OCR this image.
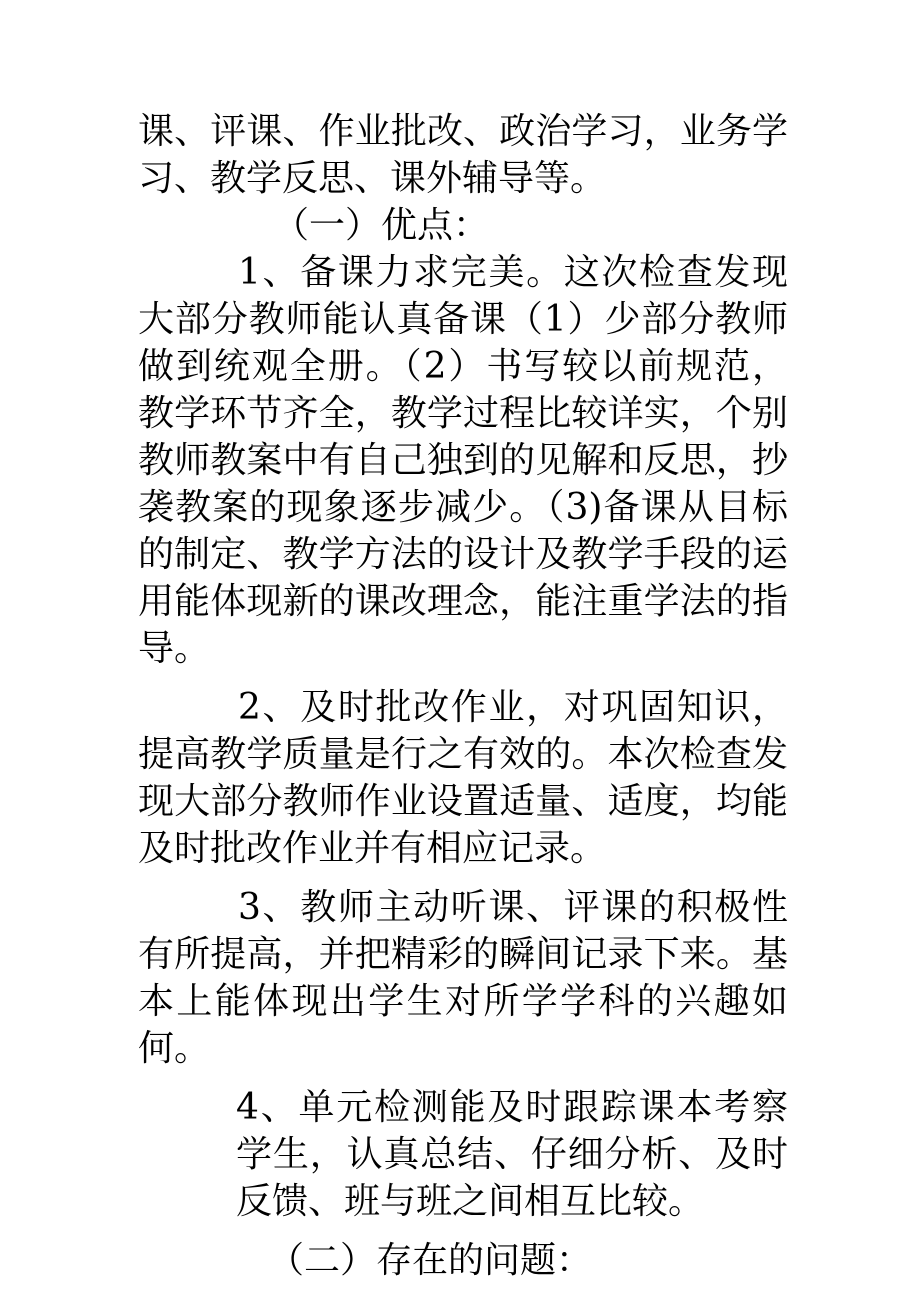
课、评课、作业批改、政治学习，业务学习、教学反思、课外辅导等。

（一）优点：

1、备课力求完美。这次检查发现大部分教师能认真备课（1）少部分教师做到统观全册。（2）书写较以前规范，教学环节齐全，教学过程比较详实，个别教师教案中有自己独到的见解和反思，抄袭教案的现象逐步减少。（3)备课从目标的制定、教学方法的设计及教学手段的运用能体现新的课改理念，能注重学法的指导。

2、及时批改作业，对巩固知识，提高教学质量是行之有效的。本次检查发现大部分教师作业设置适量、适度，均能及时批改作业并有相应记录。

3、教师主动听课、评课的积极性有所提高，并把精彩的瞬间记录下来。基本上能体现出学生对所学学科的兴趣如何。

4、单元检测能及时跟踪课本考察学生，认真总结、仔细分析、及时反馈、班与班之间相互比较。

（二）存在的问题：
